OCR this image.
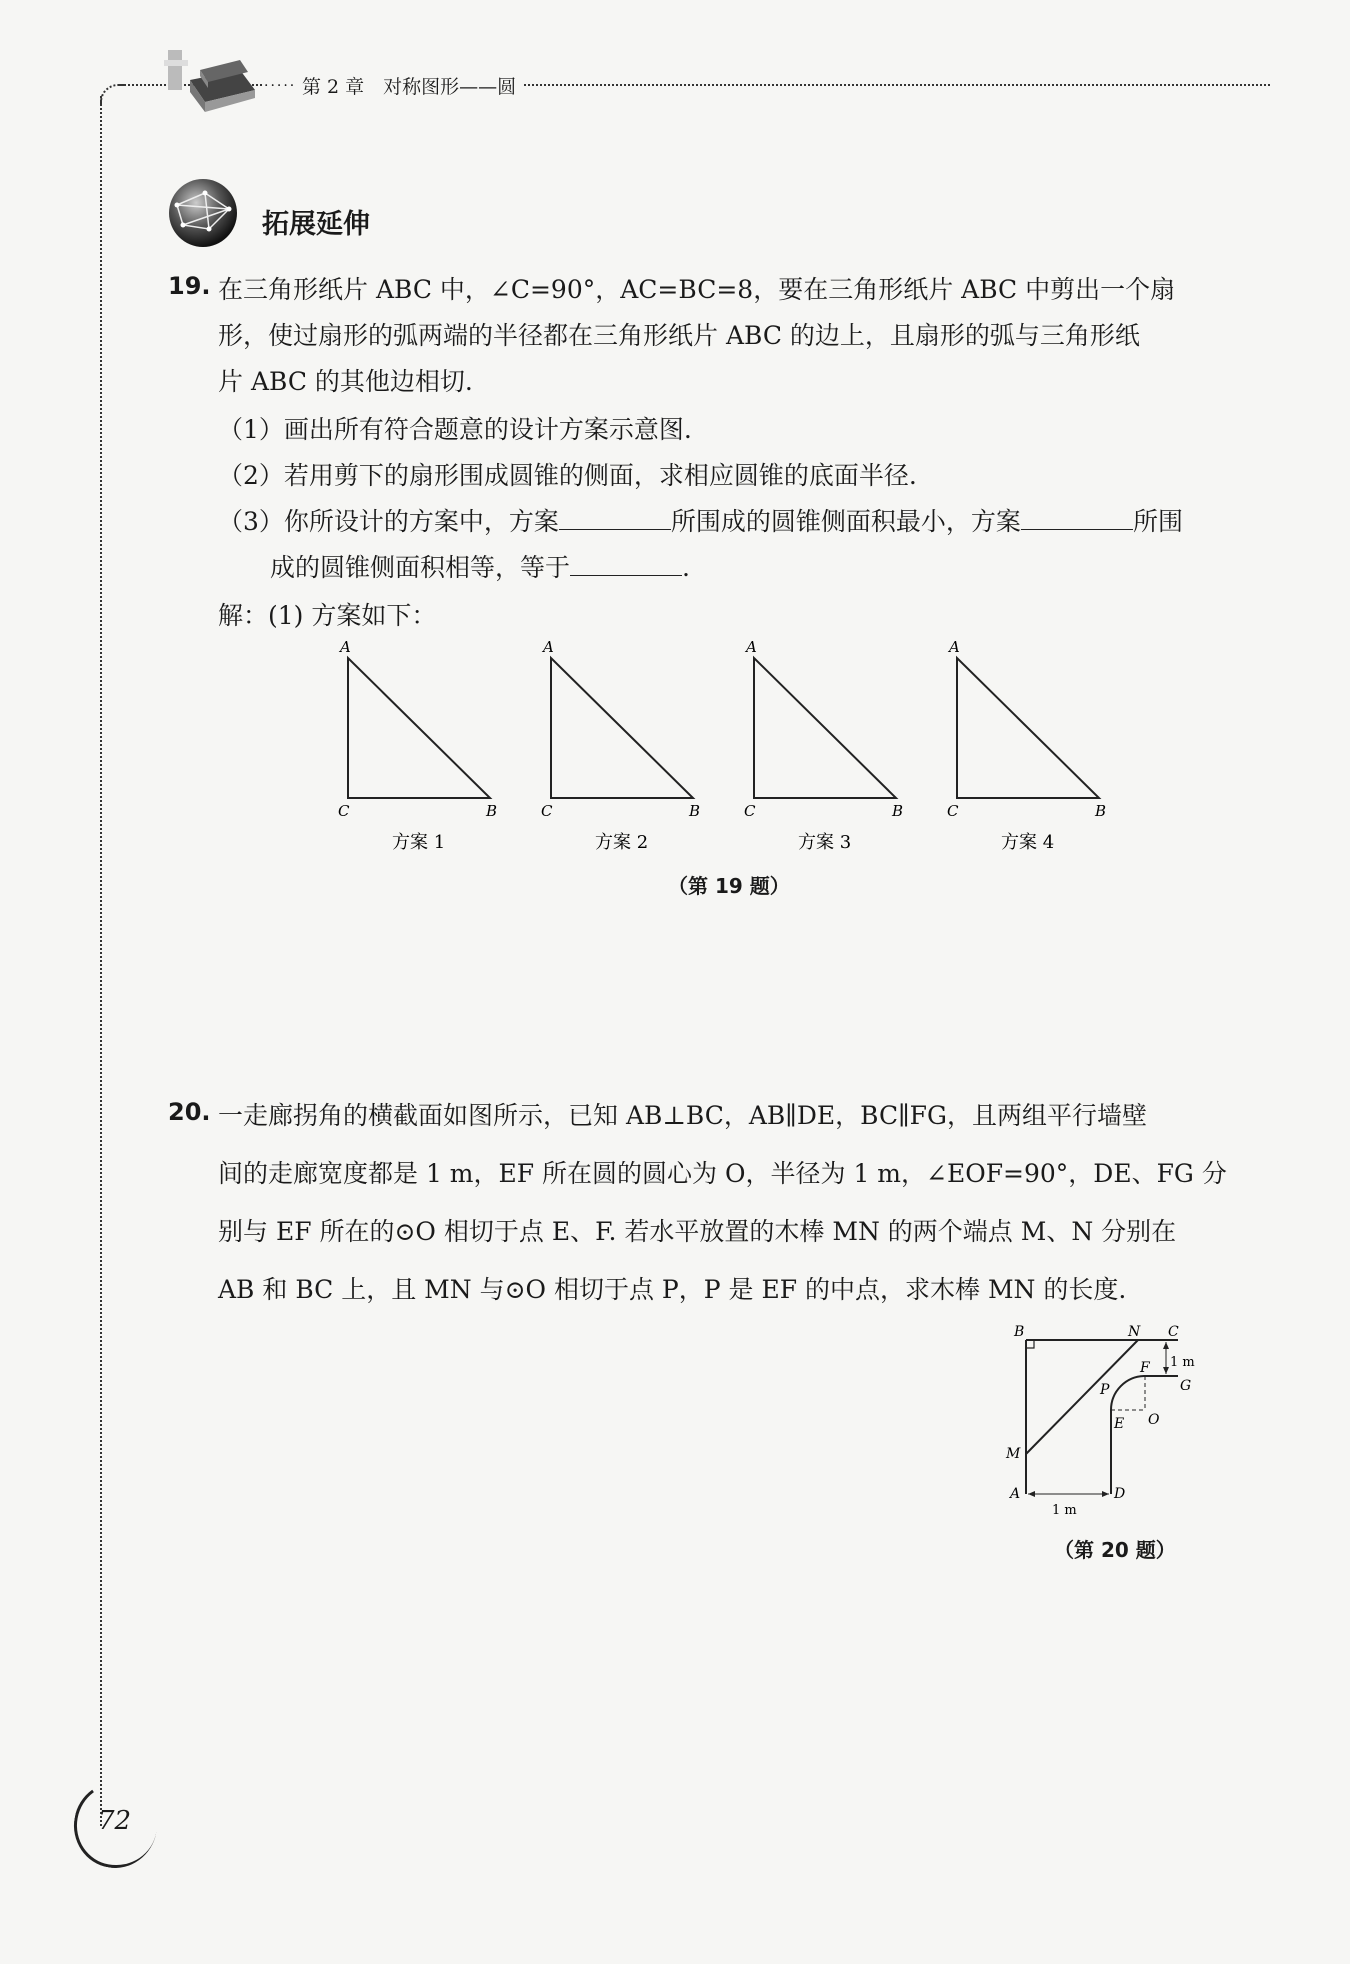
····· 第 2 章　对称图形——圆
拓展延伸
19. 在三角形纸片 ABC 中，∠C=90°，AC=BC=8，要在三角形纸片 ABC 中剪出一个扇
形，使过扇形的弧两端的半径都在三角形纸片 ABC 的边上，且扇形的弧与三角形纸
片 ABC 的其他边相切.
（1）画出所有符合题意的设计方案示意图.
（2）若用剪下的扇形围成圆锥的侧面，求相应圆锥的底面半径.
（3）你所设计的方案中，方案	所围成的圆锥侧面积最小，方案	所围
成的圆锥侧面积相等，等于	.
解：(1) 方案如下：
A
C	B
方案 1
A
C	B
方案 2
A
C	B
方案 3
A
C	B
方案 4
（第 19 题）
20. 一走廊拐角的横截面如图所示，已知 AB⊥BC，AB∥DE，BC∥FG，且两组平行墙壁
间的走廊宽度都是 1 m，EF 所在圆的圆心为 O，半径为 1 m，∠EOF=90°，DE、FG 分
别与 EF 所在的⊙O 相切于点 E、F. 若水平放置的木棒 MN 的两个端点 M、N 分别在
AB 和 BC 上，且 MN 与⊙O 相切于点 P，P 是 EF 的中点，求木棒 MN 的长度.
B	N C
1 m
F
G
P
O
E
M
A	D
1 m
（第 20 题）
72
